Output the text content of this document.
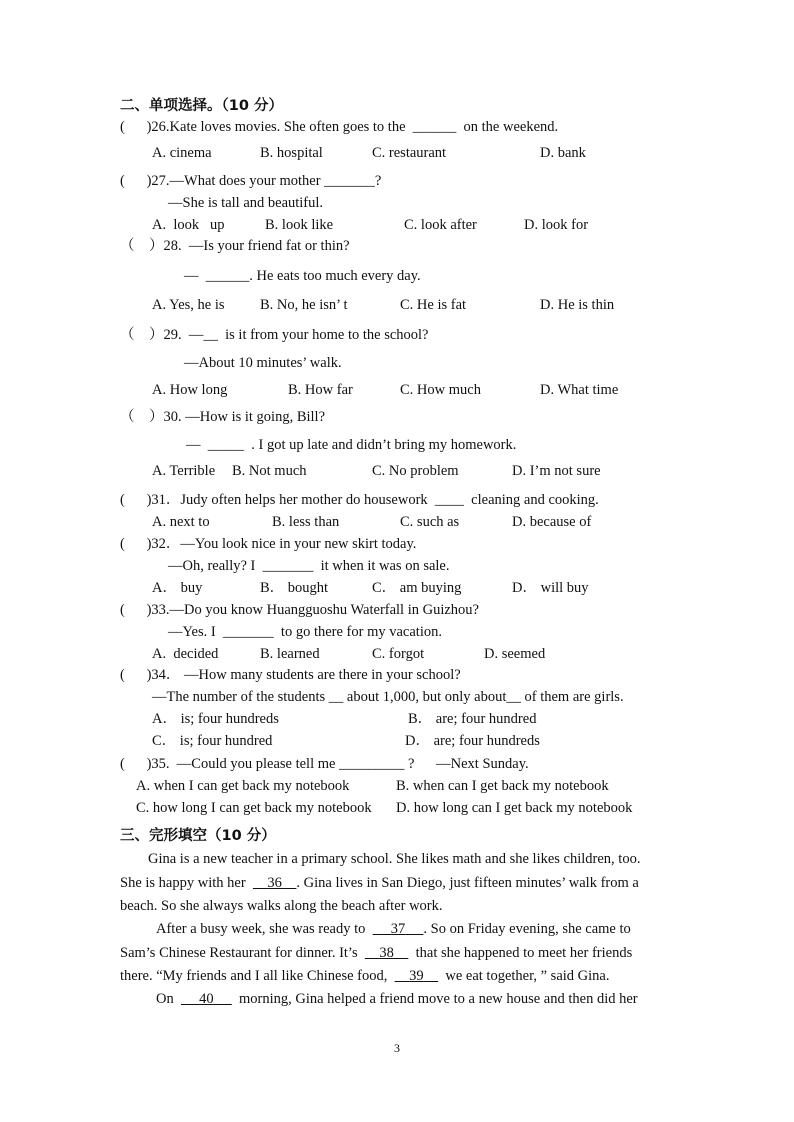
二、单项选择。（10 分）
(      )26.Kate loves movies. She often goes to the  ______  on the weekend.
A. cinema	B. hospital	C. restaurant	D. bank
(      )27.—What does your mother _______?
—She is tall and beautiful.
A.  look   up	B. look like	C. look after	D. look for
（    ）28.  —Is your friend fat or thin?
—  ______. He eats too much every day.
A. Yes, he is B. No, he isn’ t	C. He is fat	D. He is thin
（    ）29.  —__  is it from your home to the school?
—About 10 minutes’ walk.
A. How long	B. How far	C. How much	D. What time
（    ）30. —How is it going, Bill?
—  _____  . I got up late and didn’t bring my homework.
A. Terrible B. Not much	C. No problem	D. I’m not sure
(      )31．Judy often helps her mother do housework  ____  cleaning and cooking.
A. next to	B. less than	C. such as	D. because of
(      )32．—You look nice in your new skirt today.
—Oh, really? I  _______  it when it was on sale.
A． buy	B． bought	C． am buying	D． will buy
(      )33.—Do you know Huangguoshu Waterfall in Guizhou?
—Yes. I  _______  to go there for my vacation.
A.  decided	B. learned	C. forgot	D. seemed
(      )34． —How many students are there in your school?
—The number of the students __ about 1,000, but only about__ of them are girls.
A． is; four hundreds	B． are; four hundred
C． is; four hundred	D． are; four hundreds
(      )35.  —Could you please tell me _________ ?      —Next Sunday.
A. when I can get back my notebook	B. when can I get back my notebook
C. how long I can get back my notebook D. how long can I get back my notebook
三、完形填空（10 分）
Gina is a new teacher in a primary school. She likes math and she likes children, too.
She is happy with her 36 . Gina lives in San Diego, just fifteen minutes’ walk from a
beach. So she always walks along the beach after work.
After a busy week, she was ready to 37 . So on Friday evening, she came to
Sam’s Chinese Restaurant for dinner. It’s 38 that she happened to meet her friends
there. “My friends and I all like Chinese food, 39 we eat together, ” said Gina.
On 40 morning, Gina helped a friend move to a new house and then did her
3
